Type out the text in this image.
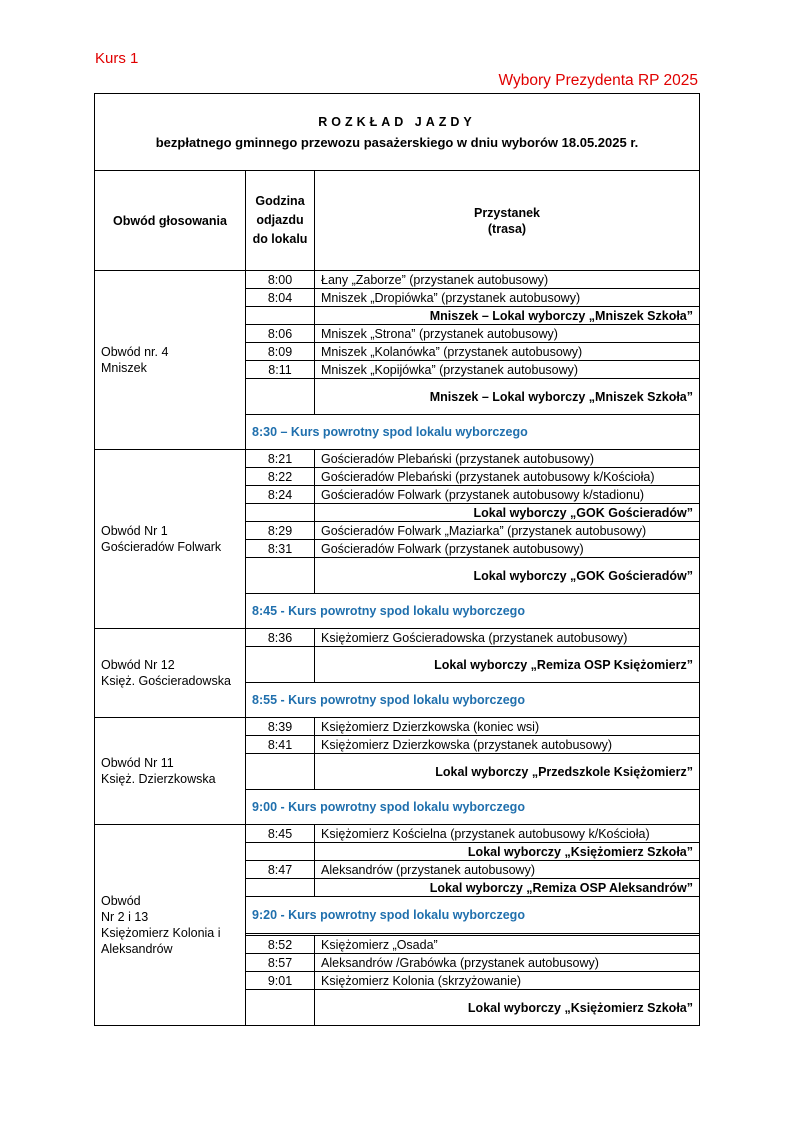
Kurs 1
Wybory Prezydenta RP 2025
ROZKŁAD JAZDY
bezpłatnego gminnego przewozu pasażerskiego w dniu wyborów 18.05.2025 r.		

Obwód głosowania	Godzina odjazdu do lokalu	Przystanek
(trasa)

Obwód nr. 4
Mniszek	8:00	Łany „Zaborze” (przystanek autobusowy)
	8:04	Mniszek „Dropiówka” (przystanek autobusowy)
		Mniszek – Lokal wyborczy „Mniszek Szkoła”
	8:06	Mniszek „Strona” (przystanek autobusowy)
	8:09	Mniszek „Kolanówka” (przystanek autobusowy)
	8:11	Mniszek „Kopijówka” (przystanek autobusowy)
		Mniszek – Lokal wyborczy „Mniszek Szkoła”
	8:30 – Kurs powrotny spod lokalu wyborczego	

Obwód Nr 1
Gościeradów Folwark	8:21	Gościeradów Plebański (przystanek autobusowy)
	8:22	Gościeradów Plebański (przystanek autobusowy k/Kościoła)
	8:24	Gościeradów Folwark (przystanek autobusowy k/stadionu)
		Lokal wyborczy „GOK Gościeradów”
	8:29	Gościeradów Folwark „Maziarka” (przystanek autobusowy)
	8:31	Gościeradów Folwark (przystanek autobusowy)
		Lokal wyborczy „GOK Gościeradów”
	8:45 - Kurs powrotny spod lokalu wyborczego	

Obwód Nr 12
Księż. Gościeradowska	8:36	Księżomierz Gościeradowska (przystanek autobusowy)
		Lokal wyborczy „Remiza OSP Księżomierz”
	8:55 - Kurs powrotny spod lokalu wyborczego	

Obwód Nr 11
Księż. Dzierzkowska	8:39	Księżomierz Dzierzkowska (koniec wsi)
	8:41	Księżomierz Dzierzkowska (przystanek autobusowy)
		Lokal wyborczy „Przedszkole Księżomierz”
	9:00 - Kurs powrotny spod lokalu wyborczego	

Obwód
Nr 2 i 13
Księżomierz Kolonia i
Aleksandrów	8:45	Księżomierz Kościelna (przystanek autobusowy k/Kościoła)
		Lokal wyborczy „Księżomierz Szkoła”
	8:47	Aleksandrów (przystanek autobusowy)
		Lokal wyborczy „Remiza OSP Aleksandrów”
	9:20 - Kurs powrotny spod lokalu wyborczego	

	8:52	Księżomierz „Osada”
	8:57	Aleksandrów /Grabówka (przystanek autobusowy)
	9:01	Księżomierz Kolonia (skrzyżowanie)
		Lokal wyborczy „Księżomierz Szkoła”
